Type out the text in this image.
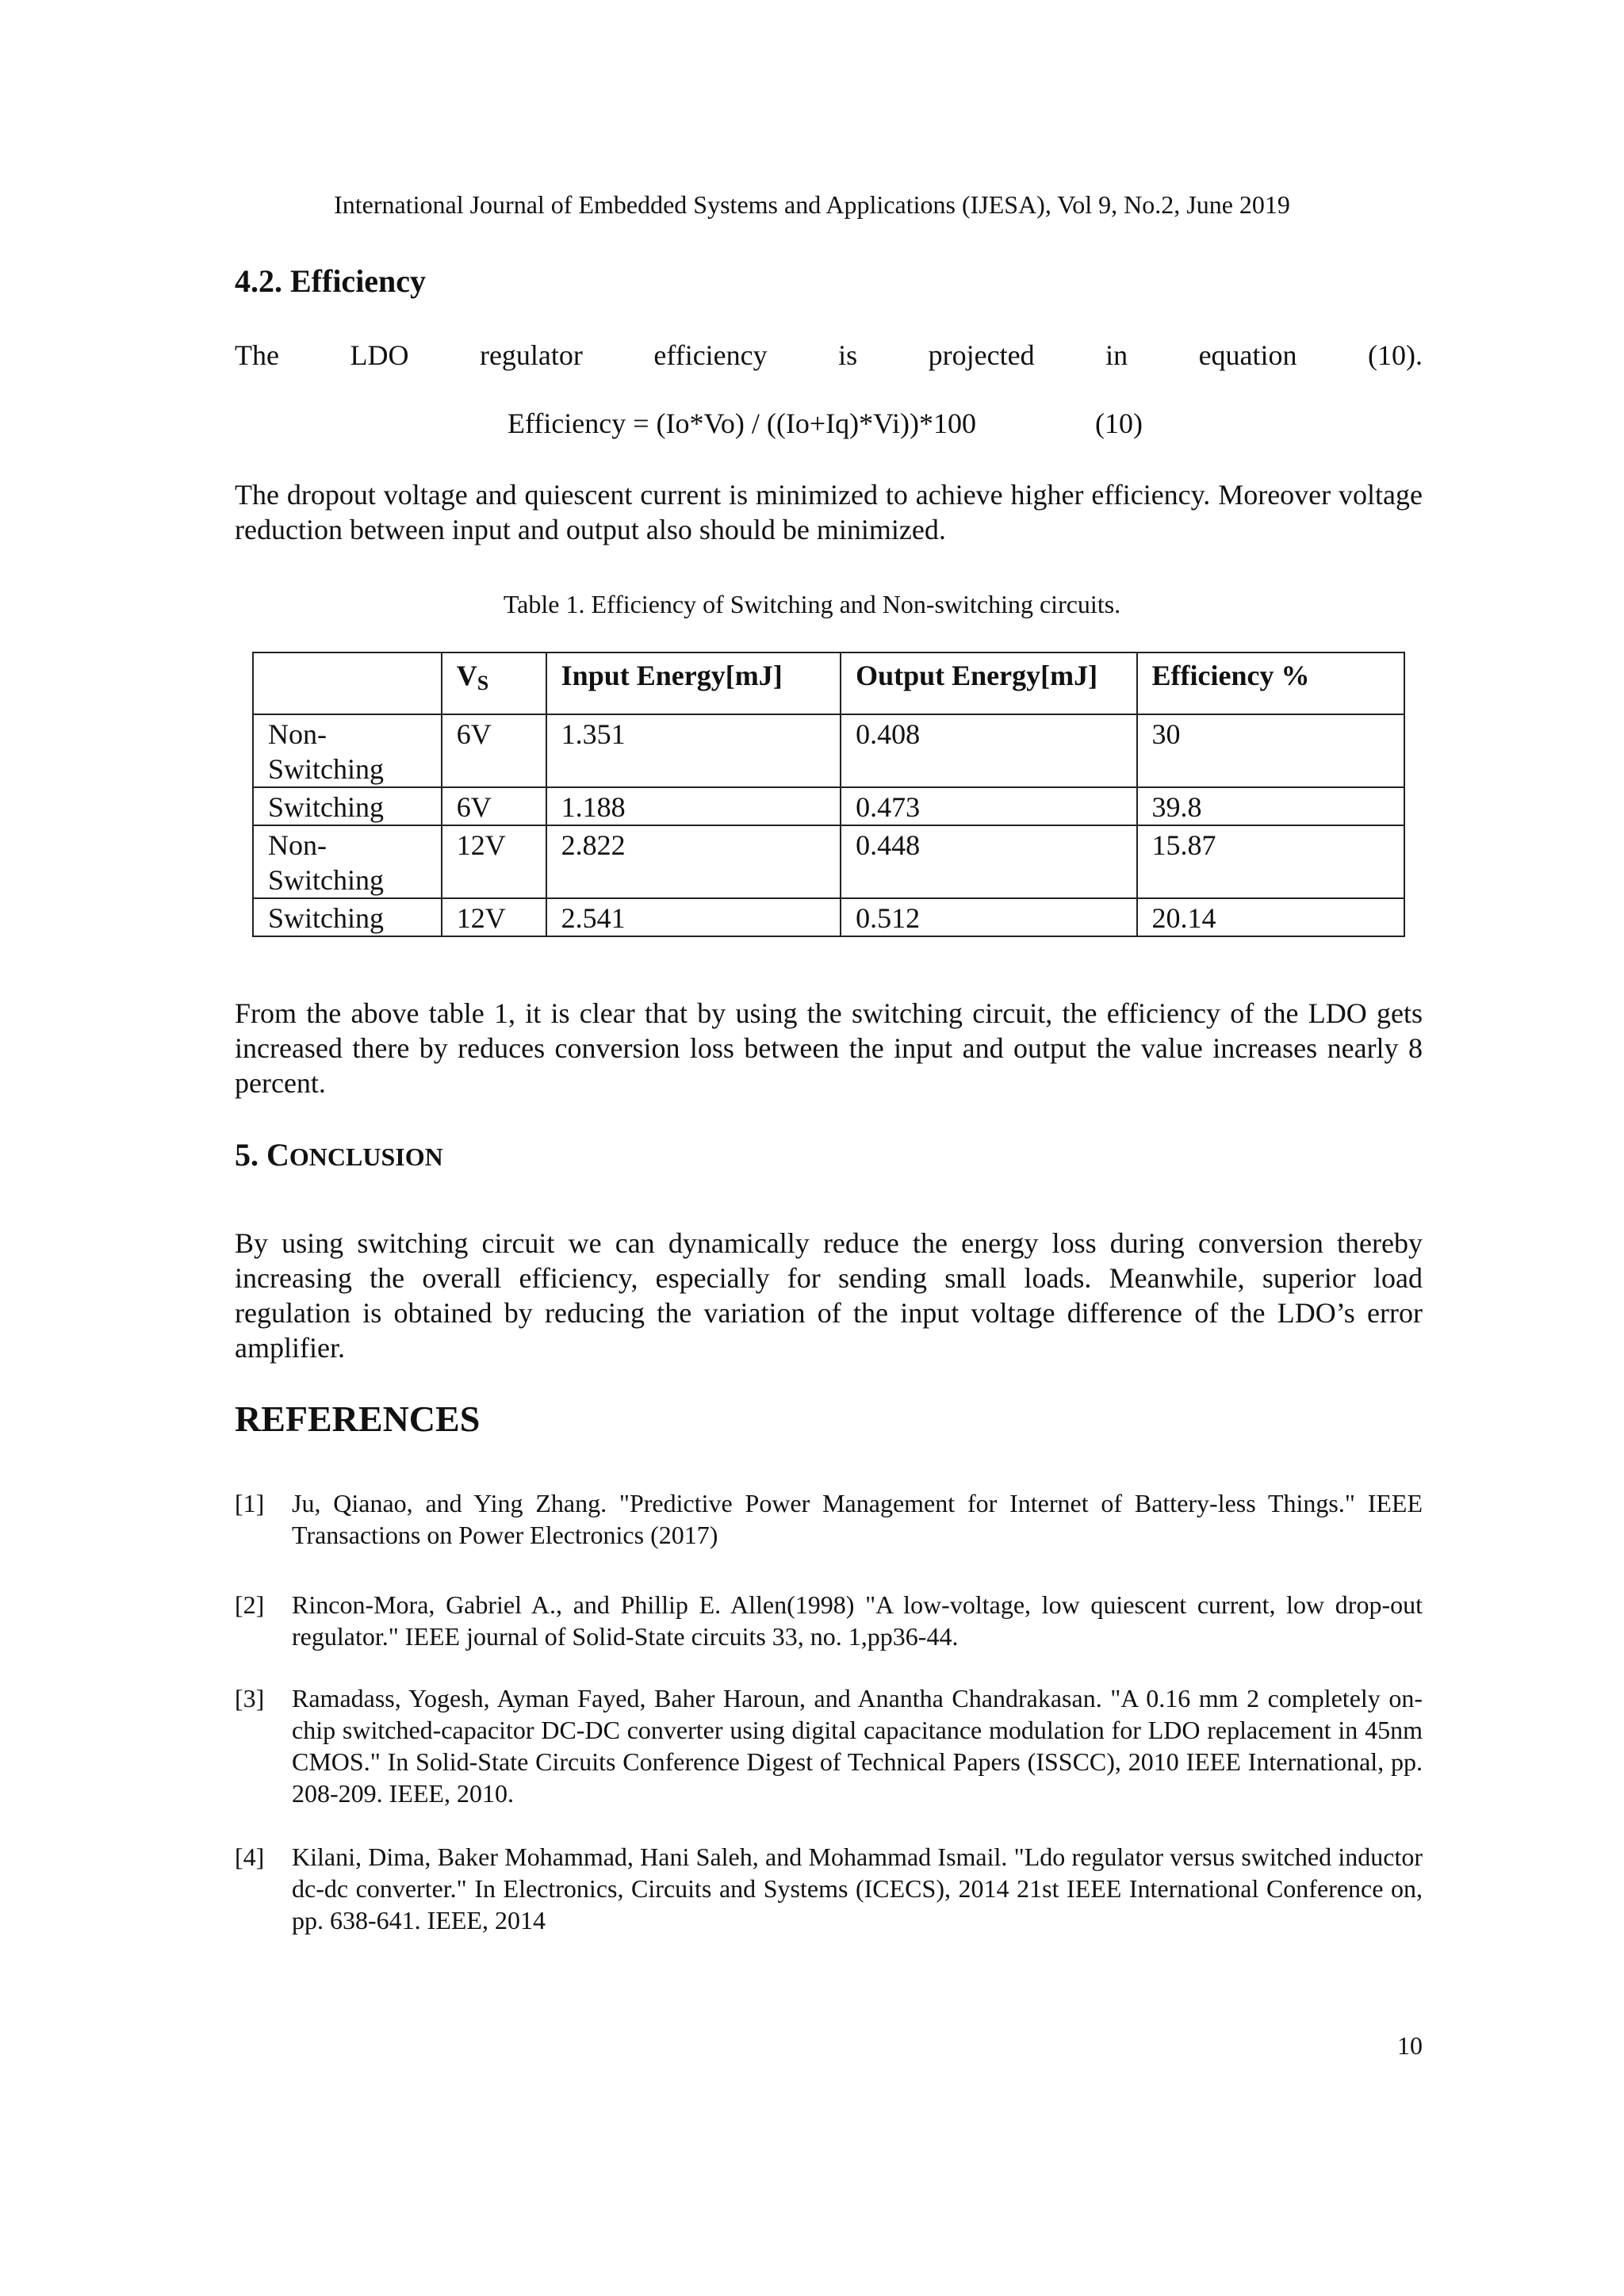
International Journal of Embedded Systems and Applications (IJESA), Vol 9, No.2, June 2019
4.2. Efficiency

The LDO regulator efficiency is projected in equation (10).

Efficiency = (Io*Vo) / ((Io+Iq)*Vi))*100	(10)

The dropout voltage and quiescent current is minimized to achieve higher efficiency. Moreover voltage reduction between input and output also should be minimized.

Table 1. Efficiency of Switching and Non-switching circuits.
	$V_S$	Input Energy[mJ]	Output Energy[mJ]	Efficiency %
Non-Switching	6V	1.351	0.408	30
Switching	6V	1.188	0.473	39.8
Non-Switching	12V	2.822	0.448	15.87
Switching	12V	2.541	0.512	20.14

From the above table 1, it is clear that by using the switching circuit, the efficiency of the LDO gets increased there by reduces conversion loss between the input and output the value increases nearly 8 percent.

5. CONCLUSION

By using switching circuit we can dynamically reduce the energy loss during conversion thereby increasing the overall efficiency, especially for sending small loads. Meanwhile, superior load regulation is obtained by reducing the variation of the input voltage difference of the LDO’s error amplifier.

REFERENCES
[1] Ju, Qianao, and Ying Zhang. "Predictive Power Management for Internet of Battery-less Things." IEEE Transactions on Power Electronics (2017)
[2] Rincon-Mora, Gabriel A., and Phillip E. Allen(1998) "A low-voltage, low quiescent current, low drop-out regulator." IEEE journal of Solid-State circuits 33, no. 1,pp36-44.
[3] Ramadass, Yogesh, Ayman Fayed, Baher Haroun, and Anantha Chandrakasan. "A 0.16 mm 2 completely on-chip switched-capacitor DC-DC converter using digital capacitance modulation for LDO replacement in 45nm CMOS." In Solid-State Circuits Conference Digest of Technical Papers (ISSCC), 2010 IEEE International, pp. 208-209. IEEE, 2010.
[4] Kilani, Dima, Baker Mohammad, Hani Saleh, and Mohammad Ismail. "Ldo regulator versus switched inductor dc-dc converter." In Electronics, Circuits and Systems (ICECS), 2014 21st IEEE International Conference on, pp. 638-641. IEEE, 2014
10
